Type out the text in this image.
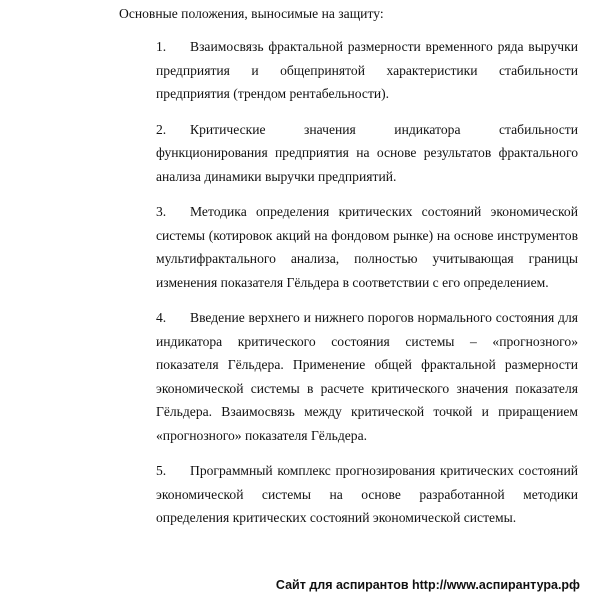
Основные положения, выносимые на защиту:
1. Взаимосвязь фрактальной размерности временного ряда выручки предприятия и общепринятой характеристики стабильности предприятия (трендом рентабельности).
2. Критические значения индикатора стабильности функционирования предприятия на основе результатов фрактального анализа динамики выручки предприятий.
3. Методика определения критических состояний экономической системы (котировок акций на фондовом рынке) на основе инструментов мультифрактального анализа, полностью учитывающая границы изменения показателя Гёльдера в соответствии с его определением.
4. Введение верхнего и нижнего порогов нормального состояния для индикатора критического состояния системы – «прогнозного» показателя Гёльдера. Применение общей фрактальной размерности экономической системы в расчете критического значения показателя Гёльдера. Взаимосвязь между критической точкой и приращением «прогнозного» показателя Гёльдера.
5. Программный комплекс прогнозирования критических состояний экономической системы на основе разработанной методики определения критических состояний экономической системы.
Сайт для аспирантов http://www.аспирантура.рф
